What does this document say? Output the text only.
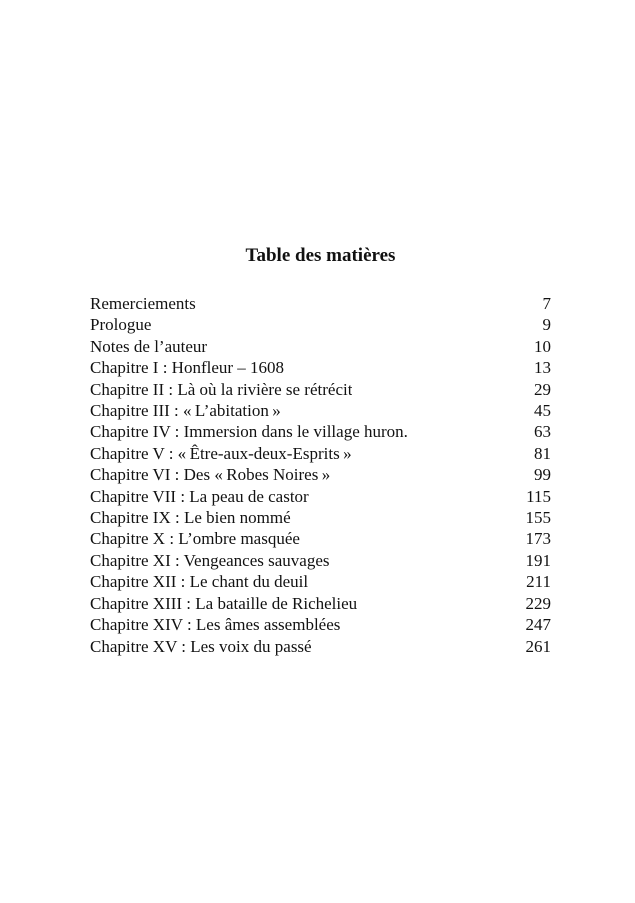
Table des matières
Remerciements	7
Prologue	9
Notes de l’auteur	10
Chapitre I : Honfleur – 1608	13
Chapitre II : Là où la rivière se rétrécit	29
Chapitre III : « L’abitation »	45
Chapitre IV : Immersion dans le village huron.	63
Chapitre V : « Être-aux-deux-Esprits »	81
Chapitre VI : Des « Robes Noires »	99
Chapitre VII : La peau de castor	115
Chapitre IX : Le bien nommé	155
Chapitre X : L’ombre masquée	173
Chapitre XI : Vengeances sauvages	191
Chapitre XII : Le chant du deuil	211
Chapitre XIII : La bataille de Richelieu	229
Chapitre XIV : Les âmes assemblées	247
Chapitre XV : Les voix du passé	261
